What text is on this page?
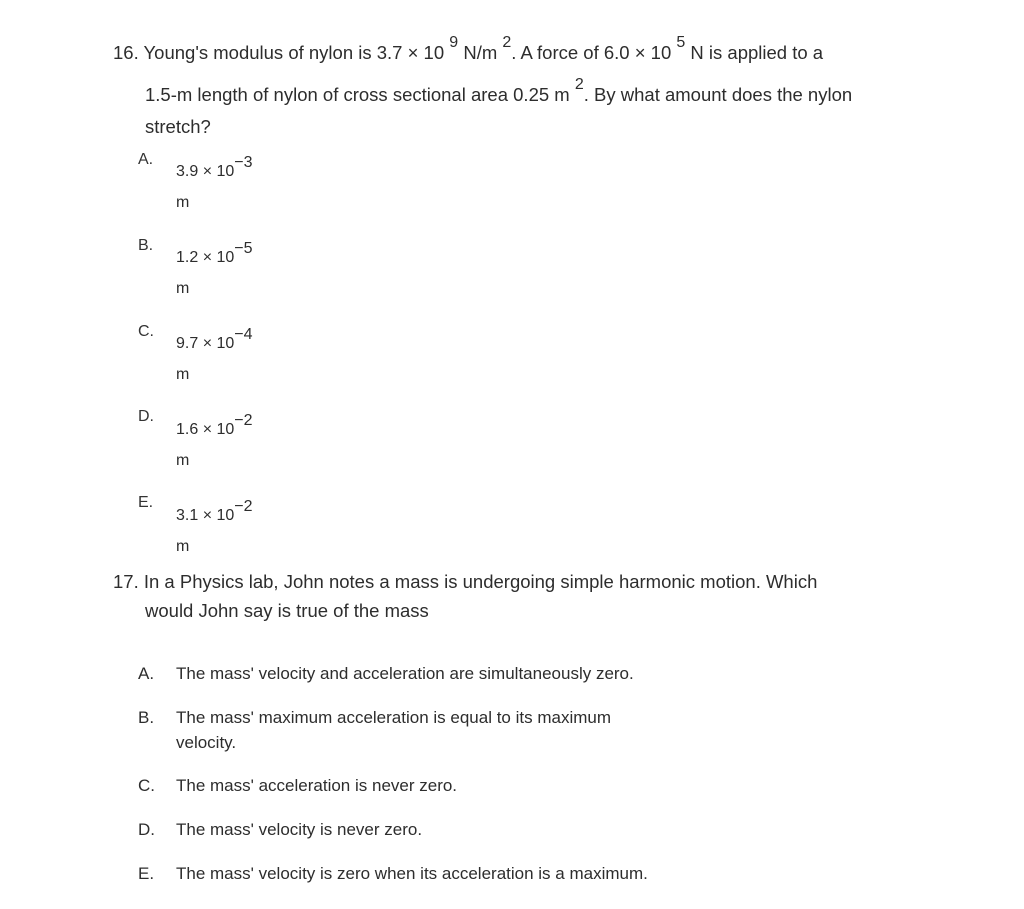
16. Young's modulus of nylon is 3.7 × 10 9 N/m 2. A force of 6.0 × 10 5 N is applied to a
1.5-m length of nylon of cross sectional area 0.25 m 2. By what amount does the nylon
stretch?
A.
3.9 × 10−3
m
B.
1.2 × 10−5
m
C.
9.7 × 10−4
m
D.
1.6 × 10−2
m
E.
3.1 × 10−2
m
17. In a Physics lab, John notes a mass is undergoing simple harmonic motion. Which
would John say is true of the mass
A. The mass' velocity and acceleration are simultaneously zero.
B. The mass' maximum acceleration is equal to its maximum
velocity.
C. The mass' acceleration is never zero.
D. The mass' velocity is never zero.
E. The mass' velocity is zero when its acceleration is a maximum.
